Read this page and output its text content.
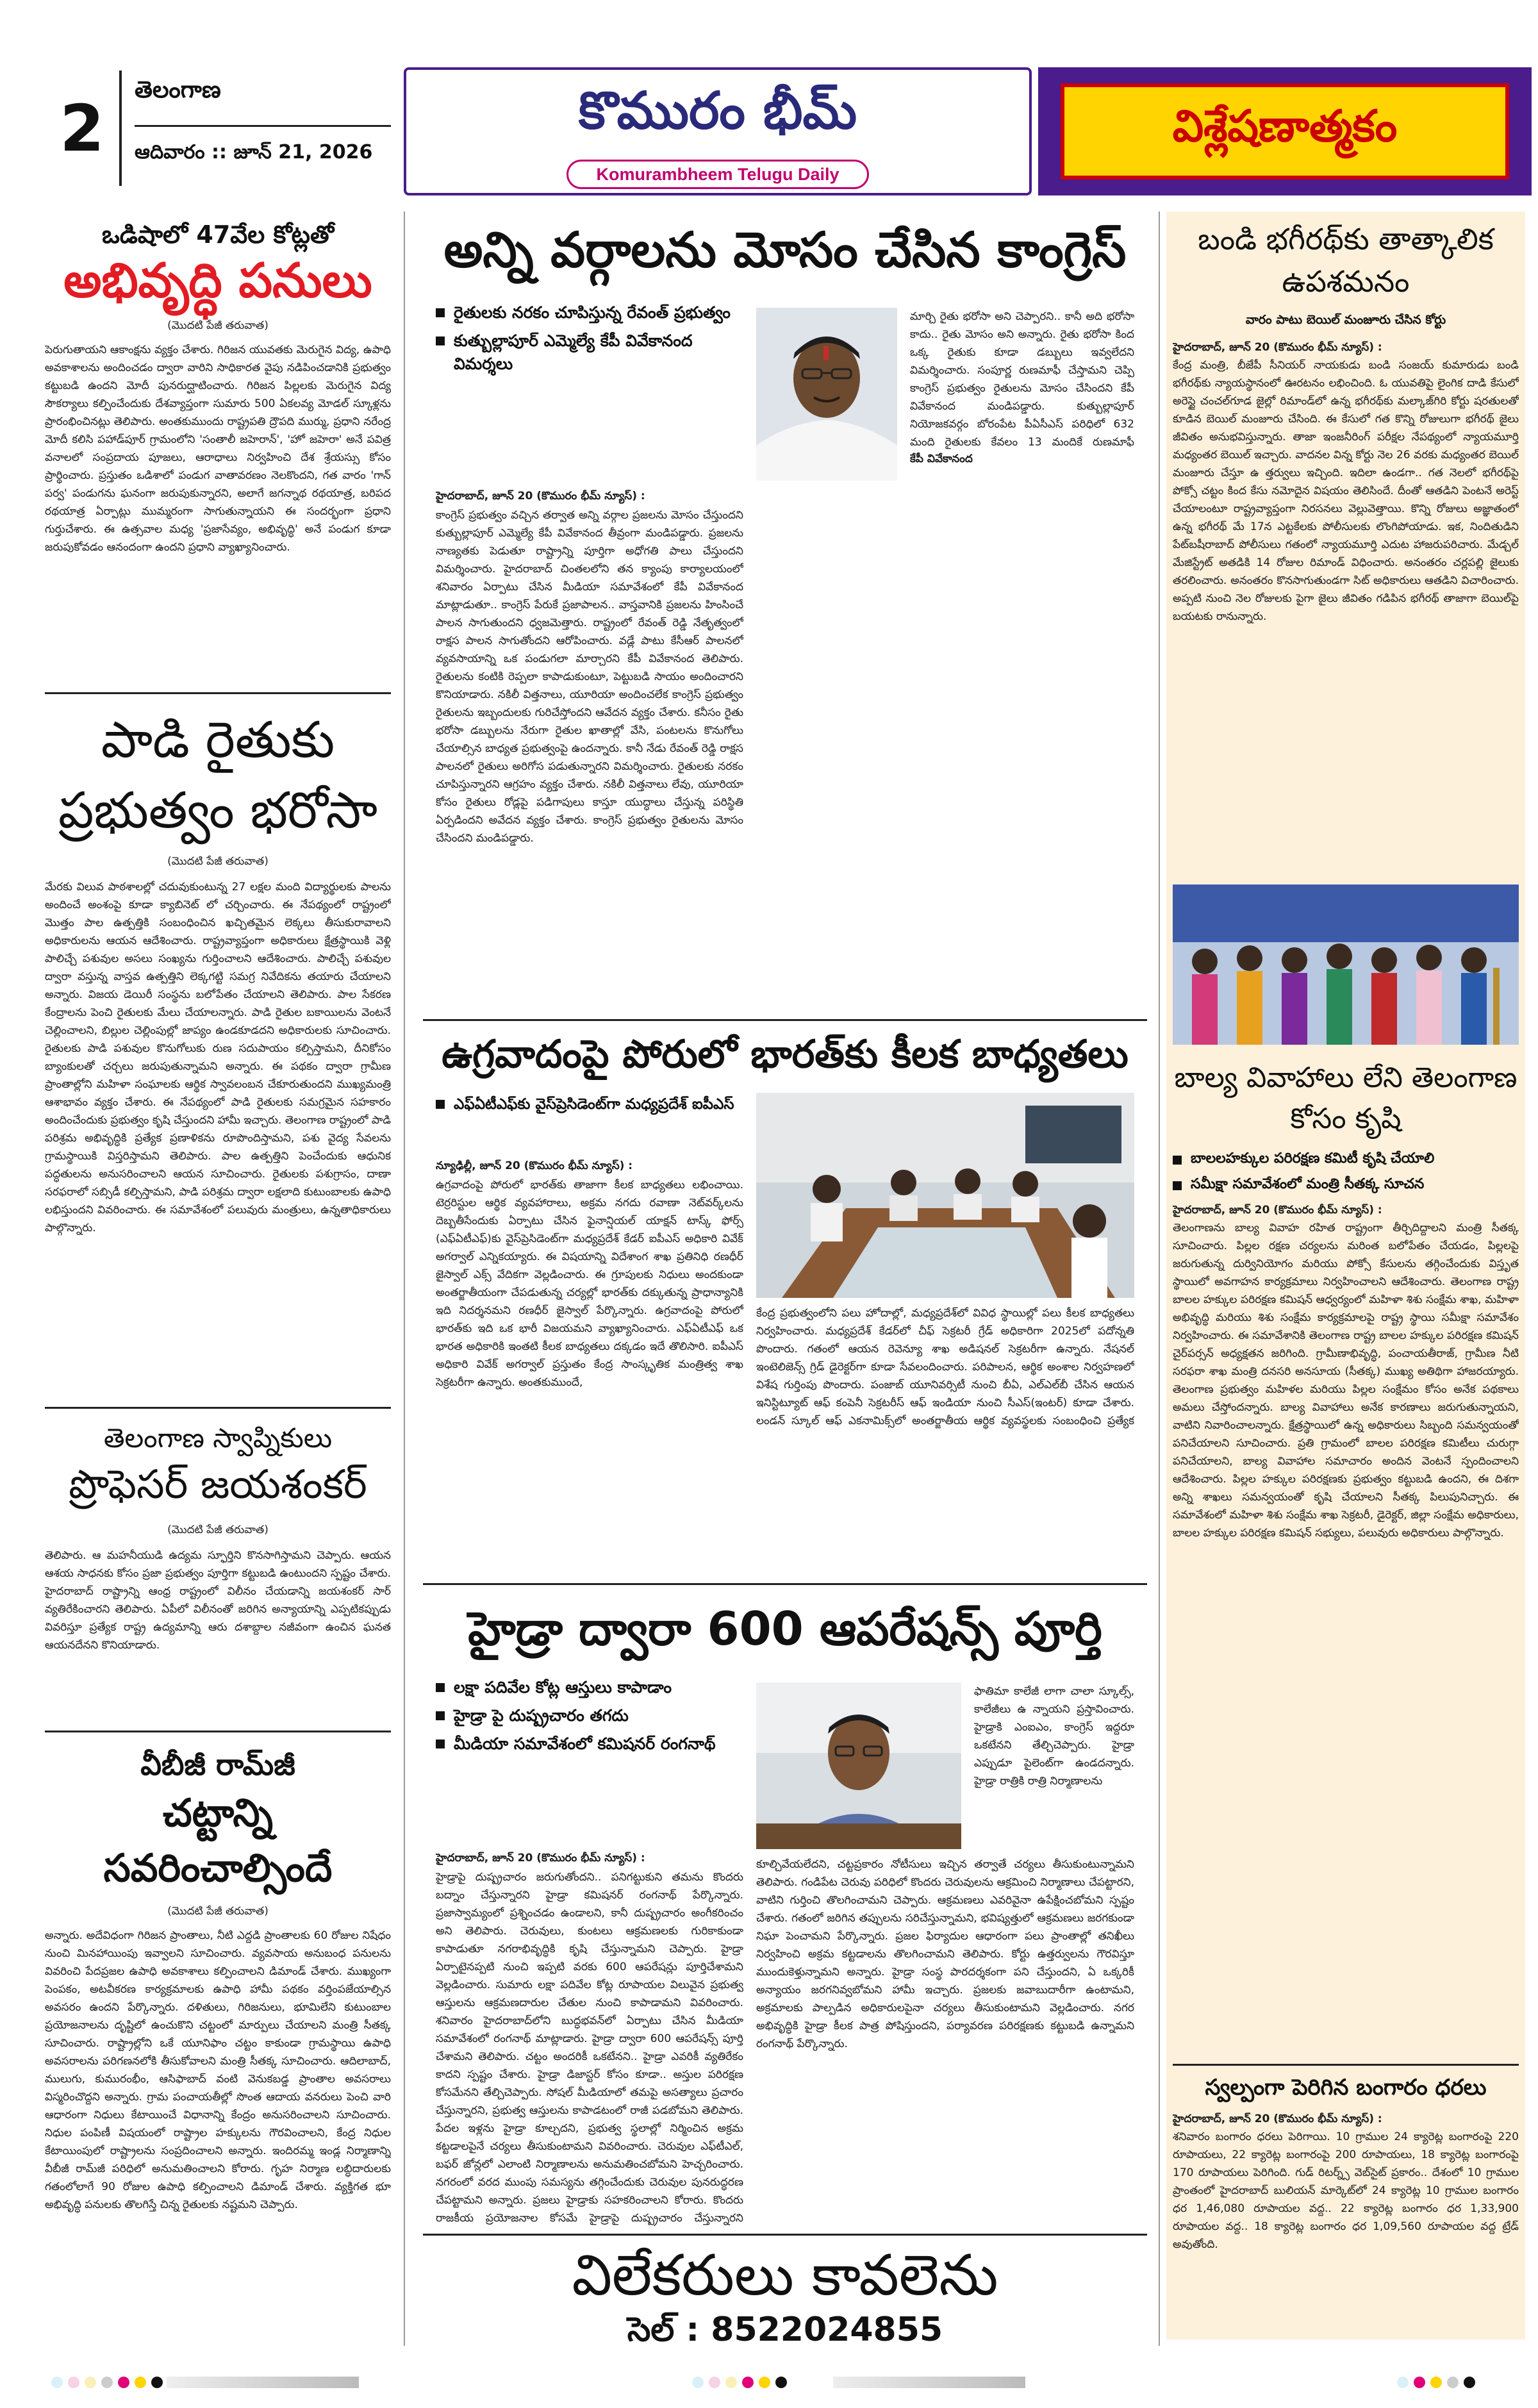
2
తెలంగాణ
ఆదివారం :: జూన్ 21, 2026
కొమురం భీమ్
Komurambheem Telugu Daily
విశ్లేషణాత్మకం
ఒడిషాలో 47వేల కోట్లతో
అభివృద్ధి పనులు
(మొదటి పేజీ తరువాత)
పెరుగుతాయని ఆకాంక్షను వ్యక్తం చేశారు. గిరిజన యువతకు మెరుగైన విద్య, ఉపాధి అవకాశాలను అందించడం ద్వారా వారిని సాధికారత వైపు నడిపించడానికి ప్రభుత్వం కట్టుబడి ఉందని మోదీ పునరుద్ఘాటించారు. గిరిజన పిల్లలకు మెరుగైన విద్య సౌకర్యాలు కల్పించేందుకు దేశవ్యాప్తంగా సుమారు 500 ఏకలవ్య మోడల్ స్కూళ్లను ప్రారంభించినట్లు తెలిపారు. అంతకుముందు రాష్ట్రపతి ద్రౌపది ముర్ము, ప్రధాని నరేంద్ర మోదీ కలిసి పహాడ్‌పూర్ గ్రామంలోని 'సంతాలీ జహెరాన్', 'హో జహెరా' అనే పవిత్ర వనాలలో సంప్రదాయ పూజలు, ఆరాధాలు నిర్వహించి దేశ శ్రేయస్సు కోసం ప్రార్థించారు. ప్రస్తుతం ఒడిశాలో పండుగ వాతావరణం నెలకొందని, గత వారం 'గాన్ పర్వ' పండుగను ఘనంగా జరుపుకున్నారని, అలాగే జగన్నాథ రథయాత్ర, బరిపద రథయాత్ర ఏర్పాట్లు ముమ్మరంగా సాగుతున్నాయని ఈ సందర్భంగా ప్రధాని గుర్తుచేశారు. ఈ ఉత్సవాల మధ్య 'ప్రజాసేవ్యం, అభివృద్ధి' అనే పండుగ కూడా జరుపుకోవడం ఆనందంగా ఉందని ప్రధాని వ్యాఖ్యానించారు.
పాడి రైతుకు ప్రభుత్వం భరోసా
(మొదటి పేజీ తరువాత)
మేరకు విలువ పాఠశాలల్లో చదువుకుంటున్న 27 లక్షల మంది విద్యార్థులకు పాలను అందించే అంశంపై కూడా క్యాబినెట్ లో చర్చించారు. ఈ నేపథ్యంలో రాష్ట్రంలో మొత్తం పాల ఉత్పత్తికి సంబంధించిన ఖచ్చితమైన లెక్కలు తీసుకురావాలని అధికారులను ఆయన ఆదేశించారు. రాష్ట్రవ్యాప్తంగా అధికారులు క్షేత్రస్థాయికి వెళ్లి పాలిచ్చే పశువుల అసలు సంఖ్యను గుర్తించాలని ఆదేశించారు. పాలిచ్చే పశువుల ద్వారా వస్తున్న వాస్తవ ఉత్పత్తిని లెక్కగట్టి సమగ్ర నివేదికను తయారు చేయాలని అన్నారు. విజయ డెయిరీ సంస్థను బలోపేతం చేయాలని తెలిపారు. పాల సేకరణ కేంద్రాలను పెంచి రైతులకు మేలు చేయాలన్నారు. పాడి రైతుల బకాయిలను వెంటనే చెల్లించాలని, బిల్లుల చెల్లింపుల్లో జాప్యం ఉండకూడదని అధికారులకు సూచించారు. రైతులకు పాడి పశువుల కొనుగోలుకు రుణ సదుపాయం కల్పిస్తామని, దీనికోసం బ్యాంకులతో చర్చలు జరుపుతున్నామని అన్నారు. ఈ పథకం ద్వారా గ్రామీణ ప్రాంతాల్లోని మహిళా సంఘాలకు ఆర్థిక స్వావలంబన చేకూరుతుందని ముఖ్యమంత్రి ఆశాభావం వ్యక్తం చేశారు. ఈ నేపథ్యంలో పాడి రైతులకు సమగ్రమైన సహకారం అందించేందుకు ప్రభుత్వం కృషి చేస్తుందని హామీ ఇచ్చారు. తెలంగాణ రాష్ట్రంలో పాడి పరిశ్రమ అభివృద్ధికి ప్రత్యేక ప్రణాళికను రూపొందిస్తామని, పశు వైద్య సేవలను గ్రామస్థాయికి విస్తరిస్తామని తెలిపారు. పాల ఉత్పత్తిని పెంచేందుకు ఆధునిక పద్ధతులను అనుసరించాలని ఆయన సూచించారు. రైతులకు పశుగ్రాసం, దాణా సరఫరాలో సబ్సిడీ కల్పిస్తామని, పాడి పరిశ్రమ ద్వారా లక్షలాది కుటుంబాలకు ఉపాధి లభిస్తుందని వివరించారు. ఈ సమావేశంలో పలువురు మంత్రులు, ఉన్నతాధికారులు పాల్గొన్నారు.
తెలంగాణ స్వాప్నికులు
ప్రొఫెసర్ జయశంకర్
(మొదటి పేజీ తరువాత)
తెలిపారు. ఆ మహనీయుడి ఉద్యమ స్ఫూర్తిని కొనసాగిస్తామని చెప్పారు. ఆయన ఆశయ సాధనకు కోసం ప్రజా ప్రభుత్వం పూర్తిగా కట్టుబడి ఉంటుందని స్పష్టం చేశారు. హైదరాబాద్ రాష్ట్రాన్ని ఆంధ్ర రాష్ట్రంలో విలీనం చేయడాన్ని జయశంకర్ సార్ వ్యతిరేకించారని తెలిపారు. ఏపీలో విలీనంతో జరిగిన అన్యాయాన్ని ఎప్పటికప్పుడు వివరిస్తూ ప్రత్యేక రాష్ట్ర ఉద్యమాన్ని ఆరు దశాబ్దాల నజీవంగా ఉంచిన ఘనత ఆయనదేనని కొనియాడారు.
వీబీజీ రామ్‌జీ
చట్టాన్ని సవరించాల్సిందే
(మొదటి పేజీ తరువాత)
అన్నారు. అదేవిధంగా గిరిజన ప్రాంతాలు, నీటి ఎద్దడి ప్రాంతాలకు 60 రోజుల నిషేధం నుంచి మినహాయింపు ఇవ్వాలని సూచించారు. వ్యవసాయ అనుబంధ పనులను వివరించి పేదప్రజల ఉపాధి అవకాశాలు కల్పించాలని డిమాండ్ చేశారు. ముఖ్యంగా పెంపకం, అటవీకరణ కార్యక్రమాలకు ఉపాధి హామీ పథకం వర్తింపజేయాల్సిన అవసరం ఉందని పేర్కొన్నారు. దళితులు, గిరిజనులు, భూమిలేని కుటుంబాల ప్రయోజనాలను దృష్టిలో ఉంచుకొని చట్టంలో మార్పులు చేయాలని మంత్రి సీతక్క సూచించారు. రాష్ట్రాల్లోని ఒకే యూనిఫాం చట్టం కాకుండా గ్రామస్థాయి ఉపాధి అవసరాలను పరిగణనలోకి తీసుకోవాలని మంత్రి సీతక్క సూచించారు. ఆదిలాబాద్, ములుగు, కుమురంభీం, ఆసిఫాబాద్ వంటి వెనుకబడ్డ ప్రాంతాల అవసరాలు విస్మరించొద్దని అన్నారు. గ్రామ పంచాయతీల్లో సొంత ఆదాయ వనరులు పెంచి వారి ఆధారంగా నిధులు కేటాయించే విధానాన్ని కేంద్రం అనుసరించాలని సూచించారు. నిధుల పంపిణీ విషయంలో రాష్ట్రాల హక్కులను గౌరవించాలని, కేంద్ర నిధుల కేటాయింపులో రాష్ట్రాలను సంప్రదించాలని అన్నారు. ఇందిరమ్మ ఇండ్ల నిర్మాణాన్ని వీబీజీ రామ్‌జీ పరిధిలో అనుమతించాలని కోరారు. గృహ నిర్మాణ లబ్ధిదారులకు గతంలోలాగే 90 రోజుల ఉపాధి కల్పించాలని డిమాండ్ చేశారు. వ్యక్తిగత భూ అభివృద్ధి పనులకు తొలగిస్తే చిన్న రైతులకు నష్టమని చెప్పారు.
అన్ని వర్గాలను మోసం చేసిన కాంగ్రెస్
రైతులకు నరకం చూపిస్తున్న రేవంత్ ప్రభుత్వం
కుత్బుల్లాపూర్ ఎమ్మెల్యే కేపీ వివేకానంద విమర్శలు
కేపీ వివేకానంద
మార్చి రైతు భరోసా అని చెప్పారని.. కానీ అది భరోసా కాదు.. రైతు మోసం అని అన్నారు. రైతు భరోసా కింద ఒక్క రైతుకు కూడా డబ్బులు ఇవ్వలేదని విమర్శించారు. సంపూర్ణ రుణమాఫీ చేస్తామని చెప్పి కాంగ్రెస్ ప్రభుత్వం రైతులను మోసం చేసిందని కేపీ వివేకానంద మండిపడ్డారు. కుత్బుల్లాపూర్ నియోజకవర్గం బోరంపేట పీఏసీఎస్ పరిధిలో 632 మంది రైతులకు కేవలం 13 మందికే రుణమాఫీ
హైదరాబాద్, జూన్ 20 (కొమురం భీమ్ న్యూస్) :
కాంగ్రెస్ ప్రభుత్వం వచ్చిన తర్వాత అన్ని వర్గాల ప్రజలను మోసం చేస్తుందని కుత్బుల్లాపూర్ ఎమ్మెల్యే కేపీ వివేకానంద తీవ్రంగా మండిపడ్డారు. ప్రజలను నాణ్యతకు పెడుతూ రాష్ట్రాన్ని పూర్తిగా అధోగతి పాలు చేస్తుందని విమర్శించారు. హైదరాబాద్ చింతలలోని తన క్యాంపు కార్యాలయంలో శనివారం ఏర్పాటు చేసిన మీడియా సమావేశంలో కేపీ వివేకానంద మాట్లాడుతూ.. కాంగ్రెస్ పేరుకే ప్రజాపాలన.. వాస్తవానికి ప్రజలను హింసించే పాలన సాగుతుందని ధ్వజమెత్తారు. రాష్ట్రంలో రేవంత్ రెడ్డి నేతృత్వంలో రాక్షస పాలన సాగుతోందని ఆరోపించారు. వడ్లే పాటు కేసీఆర్ పాలనలో వ్యవసాయాన్ని ఒక పండుగలా మార్చారని కేపీ వివేకానంద తెలిపారు. రైతులను కంటికి రెప్పలా కాపాడుకుంటూ, పెట్టుబడి సాయం అందించారని కొనియాడారు. నకిలీ విత్తనాలు, యూరియా అందించలేక కాంగ్రెస్ ప్రభుత్వం రైతులను ఇబ్బందులకు గురిచేస్తోందని ఆవేదన వ్యక్తం చేశారు. కనీసం రైతు భరోసా డబ్బులను నేరుగా రైతుల ఖాతాల్లో వేసి, పంటలను కొనుగోలు చేయాల్సిన బాధ్యత ప్రభుత్వంపై ఉందన్నారు. కానీ నేడు రేవంత్ రెడ్డి రాక్షస పాలనలో రైతులు అరిగోస పడుతున్నారని విమర్శించారు. రైతులకు నరకం చూపిస్తున్నారని ఆగ్రహం వ్యక్తం చేశారు. నకిలీ విత్తనాలు లేవు, యూరియా కోసం రైతులు రోడ్లపై పడిగాపులు కాస్తూ యుద్ధాలు చేస్తున్న పరిస్థితి ఏర్పడిందని అవేదన వ్యక్తం చేశారు. కాంగ్రెస్ ప్రభుత్వం రైతులను మోసం చేసిందని మండిపడ్డారు.
ఉగ్రవాదంపై పోరులో భారత్‌కు కీలక బాధ్యతలు
ఎఫ్ఏటీఎఫ్‌కు వైస్‌ప్రెసిడెంట్‌గా మధ్యప్రదేశ్ ఐపీఎస్
న్యూఢిల్లీ, జూన్ 20 (కొమురం భీమ్ న్యూస్) :
ఉగ్రవాదంపై పోరులో భారత్‌కు తాజాగా కీలక బాధ్యతలు లభించాయి. టెర్రరిస్టుల ఆర్థిక వ్యవహారాలు, అక్రమ నగదు రవాణా నెట్‌వర్క్‌లను దెబ్బతీసేందుకు ఏర్పాటు చేసిన ఫైనాన్షియల్ యాక్షన్ టాస్క్ ఫోర్స్ (ఎఫ్ఏటీఎఫ్)కు వైస్‌ప్రెసిడెంట్‌గా మధ్యప్రదేశ్ కేడర్ ఐపీఎస్ అధికారి వివేక్ అగర్వాల్ ఎన్నికయ్యారు. ఈ విషయాన్ని విదేశాంగ శాఖ ప్రతినిధి రణధీర్ జైస్వాల్ ఎక్స్ వేదికగా వెల్లడించారు. ఈ గ్రూపులకు నిధులు అందకుండా అంతర్జాతీయంగా చేపడుతున్న చర్యల్లో భారత్‌కు దక్కుతున్న ప్రాధాన్యానికి ఇది నిదర్శనమని రణధీర్ జైస్వాల్ పేర్కొన్నారు. ఉగ్రవాదంపై పోరులో భారత్‌కు ఇది ఒక భారీ విజయమని వ్యాఖ్యానించారు. ఎఫ్ఏటీఎఫ్ ఒక భారత అధికారికి ఇంతటి కీలక బాధ్యతలు దక్కడం ఇదే తొలిసారి. ఐపీఎస్ అధికారి వివేక్ అగర్వాల్ ప్రస్తుతం కేంద్ర సాంస్కృతిక మంత్రిత్వ శాఖ సెక్రటరీగా ఉన్నారు. అంతకుముందే,
కేంద్ర ప్రభుత్వంలోని పలు హోదాల్లో, మధ్యప్రదేశ్‌లో వివిధ స్థాయిల్లో పలు కీలక బాధ్యతలు నిర్వహించారు. మధ్యప్రదేశ్ కేడర్‌లో చీఫ్ సెక్రటరీ గ్రేడ్ అధికారిగా 2025లో పదోన్నతి పొందారు. గతంలో ఆయన రెవెన్యూ శాఖ అడిషనల్ సెక్రటరీగా ఉన్నారు. నేషనల్ ఇంటెలిజెన్స్ గ్రిడ్ డైరెక్టర్‌గా కూడా సేవలందించారు. పరిపాలన, ఆర్థిక అంశాల నిర్వహణలో విశేష గుర్తింపు పొందారు. పంజాబ్ యూనివర్సిటీ నుంచి బీఏ, ఎల్ఎల్‌బీ చేసిన ఆయన ఇనిస్టిట్యూట్ ఆఫ్ కంపెనీ సెక్రటరీస్ ఆఫ్ ఇండియా నుంచి సీఎస్(ఇంటర్) కూడా చేశారు. లండన్ స్కూల్ ఆఫ్ ఎకనామిక్స్‌లో అంతర్జాతీయ ఆర్థిక వ్యవస్థలకు సంబంధించి ప్రత్యేక
హైడ్రా ద్వారా 600 ఆపరేషన్స్ పూర్తి
లక్షా పదివేల కోట్ల ఆస్తులు కాపాడాం
హైడ్రా పై దుష్ప్రచారం తగదు
మీడియా సమావేశంలో కమిషనర్ రంగనాథ్
ఫాతిమా కాలేజీ లాగా చాలా స్కూల్స్, కాలేజీలు ఉ న్నాయని ప్రస్తావించారు. హైడ్రాకి ఎంఐఎం, కాంగ్రెస్ ఇద్దరూ ఒకటేనని తేల్చిచెప్పారు. హైడ్రా ఎప్పుడూ పైలెంట్‌గా ఉండదన్నారు. హైడ్రా రాత్రికి రాత్రి నిర్మాణాలను
హైదరాబాద్, జూన్ 20 (కొమురం భీమ్ న్యూస్) :
హైడ్రాపై దుష్ప్రచారం జరుగుతోందని.. పనిగట్టుకుని తమను కొందరు బద్నాం చేస్తున్నారని హైడ్రా కమిషనర్ రంగనాథ్ పేర్కొన్నారు. ప్రజాస్వామ్యంలో ప్రశ్నించడం ఉండాలని, కానీ దుష్ప్రచారం అంగీకరించం అని తెలిపారు. చెరువులు, కుంటలు ఆక్రమణలకు గురికాకుండా కాపాడుతూ నగరాభివృద్ధికి కృషి చేస్తున్నామని చెప్పారు. హైడ్రా ఏర్పాటైనప్పటి నుంచి ఇప్పటి వరకు 600 ఆపరేషన్లు పూర్తిచేశామని వెల్లడించారు. సుమారు లక్షా పదివేల కోట్ల రూపాయల విలువైన ప్రభుత్వ ఆస్తులను ఆక్రమణదారుల చేతుల నుంచి కాపాడామని వివరించారు. శనివారం హైదరాబాద్‌లోని బుద్ధభవన్‌లో ఏర్పాటు చేసిన మీడియా సమావేశంలో రంగనాథ్ మాట్లాడారు. హైడ్రా ద్వారా 600 ఆపరేషన్స్ పూర్తి చేశామని తెలిపారు. చట్టం అందరికీ ఒకటేనని.. హైడ్రా ఎవరికీ వ్యతిరేకం కాదని స్పష్టం చేశారు. హైడ్రా డిజాస్టర్ కోసం కూడా.. అస్తుల పరిరక్షణ కోసమేనని తేల్చిచెప్పారు. సోషల్ మీడియాలో తమపై అసత్యాలు ప్రచారం చేస్తున్నారని, ప్రభుత్వ ఆస్తులను కాపాడటంలో రాజీ పడబోమని తెలిపారు. పేదల ఇళ్లను హైడ్రా కూల్చదని, ప్రభుత్వ స్థలాల్లో నిర్మించిన అక్రమ కట్టడాలపైనే చర్యలు తీసుకుంటామని వివరించారు. చెరువుల ఎఫ్‌టీఎల్, బఫర్ జోన్లలో ఎలాంటి నిర్మాణాలను అనుమతించబోమని హెచ్చరించారు. నగరంలో వరద ముంపు సమస్యను తగ్గించేందుకు చెరువుల పునరుద్ధరణ చేపట్టామని అన్నారు. ప్రజలు హైడ్రాకు సహకరించాలని కోరారు. కొందరు రాజకీయ ప్రయోజనాల కోసమే హైడ్రాపై దుష్ప్రచారం చేస్తున్నారని
కూల్చివేయలేదని, చట్టప్రకారం నోటీసులు ఇచ్చిన తర్వాతే చర్యలు తీసుకుంటున్నామని తెలిపారు. గండిపేట చెరువు పరిధిలో కొందరు చెరువులను ఆక్రమించి నిర్మాణాలు చేపట్టారని, వాటిని గుర్తించి తొలగించామని చెప్పారు. ఆక్రమణలు ఎవరివైనా ఉపేక్షించబోమని స్పష్టం చేశారు. గతంలో జరిగిన తప్పులను సరిచేస్తున్నామని, భవిష్యత్తులో ఆక్రమణలు జరగకుండా నిఘా పెంచామని పేర్కొన్నారు. ప్రజల ఫిర్యాదుల ఆధారంగా పలు ప్రాంతాల్లో తనిఖీలు నిర్వహించి అక్రమ కట్టడాలను తొలగించామని తెలిపారు. కోర్టు ఉత్తర్వులను గౌరవిస్తూ ముందుకెళ్తున్నామని అన్నారు. హైడ్రా సంస్థ పారదర్శకంగా పని చేస్తుందని, ఏ ఒక్కరికీ అన్యాయం జరగనివ్వబోమని హామీ ఇచ్చారు. ప్రజలకు జవాబుదారీగా ఉంటామని, అక్రమాలకు పాల్పడిన అధికారులపైనా చర్యలు తీసుకుంటామని వెల్లడించారు. నగర అభివృద్ధికి హైడ్రా కీలక పాత్ర పోషిస్తుందని, పర్యావరణ పరిరక్షణకు కట్టుబడి ఉన్నామని రంగనాథ్ పేర్కొన్నారు.
విలేకరులు కావలెను
సెల్ : 8522024855
బండి భగీరథ్‌కు తాత్కాలిక ఉపశమనం
వారం పాటు బెయిల్ మంజూరు చేసిన కోర్టు
హైదరాబాద్, జూన్ 20 (కొమురం భీమ్ న్యూస్) :
కేంద్ర మంత్రి, బీజేపీ సీనియర్ నాయకుడు బండి సంజయ్ కుమారుడు బండి భగీరథ్‌కు న్యాయస్థానంలో ఊరటనం లభించింది. ఓ యువతిపై లైంగిక దాడి కేసులో అరెస్టై చంచల్‌గూడ జైల్లో రిమాండ్‌లో ఉన్న భగీరథ్‌కు మల్కాజ్‌గిరి కోర్టు షరతులతో కూడిన బెయిల్ మంజూరు చేసింది. ఈ కేసులో గత కొన్ని రోజులుగా భగీరథ్ జైలు జీవితం అనుభవిస్తున్నారు. తాజా ఇంజనీరింగ్ పరీక్షల నేపథ్యంలో న్యాయమూర్తి మధ్యంతర బెయిల్ ఇచ్చారు. వాదనల విన్న కోర్టు నెల 26 వరకు మధ్యంతర బెయిల్ మంజూరు చేస్తూ ఉ త్తర్వులు ఇచ్చింది. ఇదిలా ఉండగా.. గత నెలలో భగీరథ్‌పై పోక్సో చట్టం కింద కేసు నమోదైన విషయం తెలిసిందే. దీంతో ఆతడిని పెంటనే అరెస్ట్ చేయాలంటూ రాష్ట్రవ్యాప్తంగా నిరసనలు వెల్లువెత్తాయి. కొన్ని రోజులు అజ్ఞాతంలో ఉన్న భగీరథ్ మే 17న ఎట్టకేలకు పోలీసులకు లొంగిపోయాడు. ఇక, నిందితుడిని పేట్‌బషీరాబాద్ పోలీసులు గతంలో న్యాయమూర్తి ఎదుట హాజరుపరిచారు. మేడ్చల్ మేజిస్ట్రేట్ అతడికి 14 రోజుల రిమాండ్ విధించారు. అనంతరం చర్లపల్లి జైలుకు తరలించారు. అనంతరం కొనసాగుతుండగా సిట్ అధికారులు ఆతడిని విచారించారు. అప్పటి నుంచి నెల రోజులకు పైగా జైలు జీవితం గడిపిన భగీరథ్ తాజాగా బెయిల్‌పై బయటకు రానున్నారు.
బాల్య వివాహాలు లేని తెలంగాణ కోసం కృషి
బాలలహక్కుల పరిరక్షణ కమిటీ కృషి చేయాలి
సమీక్షా సమావేశంలో మంత్రి సీతక్క సూచన
హైదరాబాద్, జూన్ 20 (కొమురం భీమ్ న్యూస్) :
తెలంగాణను బాల్య వివాహ రహిత రాష్ట్రంగా తీర్చిదిద్దాలని మంత్రి సీతక్క సూచించారు. పిల్లల రక్షణ చర్యలను మరింత బలోపేతం చేయడం, పిల్లలపై జరుగుతున్న దుర్వినియోగం మరియు పోక్సో కేసులను తగ్గించేందుకు విస్తృత స్థాయిలో అవగాహన కార్యక్రమాలు నిర్వహించాలని ఆదేశించారు. తెలంగాణ రాష్ట్ర బాలల హక్కుల పరిరక్షణ కమిషన్ ఆధ్వర్యంలో మహిళా శిశు సంక్షేమ శాఖ, మహిళా అభివృద్ధి మరియు శిశు సంక్షేమ కార్యక్రమాలపై రాష్ట్ర స్థాయి సమీక్షా సమావేశం నిర్వహించారు. ఈ సమావేశానికి తెలంగాణ రాష్ట్ర బాలల హక్కుల పరిరక్షణ కమిషన్ చైర్‌పర్సన్ అధ్యక్షతన జరిగింది. గ్రామీణాభివృద్ధి, పంచాయతీరాజ్, గ్రామీణ నీటి సరఫరా శాఖ మంత్రి దనసరి అనసూయ (సీతక్క) ముఖ్య అతిథిగా హాజరయ్యారు. తెలంగాణ ప్రభుత్వం మహిళల మరియు పిల్లల సంక్షేమం కోసం అనేక పథకాలు అమలు చేస్తోందన్నారు. బాల్య వివాహాలు అనేక కారణాలు జరుగుతున్నాయని, వాటిని నివారించాలన్నారు. క్షేత్రస్థాయిలో ఉన్న అధికారులు సిబ్బంది సమన్వయంతో పనిచేయాలని సూచించారు. ప్రతి గ్రామంలో బాలల పరిరక్షణ కమిటీలు చురుగ్గా పనిచేయాలని, బాల్య వివాహాల సమాచారం అందిన వెంటనే స్పందించాలని ఆదేశించారు. పిల్లల హక్కుల పరిరక్షణకు ప్రభుత్వం కట్టుబడి ఉందని, ఈ దిశగా అన్ని శాఖలు సమన్వయంతో కృషి చేయాలని సీతక్క పిలుపునిచ్చారు. ఈ సమావేశంలో మహిళా శిశు సంక్షేమ శాఖ సెక్రటరీ, డైరెక్టర్, జిల్లా సంక్షేమ అధికారులు, బాలల హక్కుల పరిరక్షణ కమిషన్ సభ్యులు, పలువురు అధికారులు పాల్గొన్నారు.
స్వల్పంగా పెరిగిన బంగారం ధరలు
హైదరాబాద్, జూన్ 20 (కొమురం భీమ్ న్యూస్) :
శనివారం బంగారం ధరలు పెరిగాయి. 10 గ్రాముల 24 క్యారెట్ల బంగారంపై 220 రూపాయలు, 22 క్యారెట్ల బంగారంపై 200 రూపాయలు, 18 క్యారెట్ల బంగారంపై 170 రూపాయలు పెరిగింది. గుడ్ రిటర్న్స్ వెబ్‌సైట్ ప్రకారం.. దేశంలో 10 గ్రాముల ప్రాంతంలో హైదరాబాద్ బులియన్ మార్కెట్‌లో 24 క్యారెట్ల 10 గ్రాముల బంగారం ధర 1,46,080 రూపాయల వద్ద.. 22 క్యారెట్ల బంగారం ధర 1,33,900 రూపాయల వద్ద.. 18 క్యారెట్ల బంగారం ధర 1,09,560 రూపాయల వద్ద ట్రేడ్ అవుతోంది.
